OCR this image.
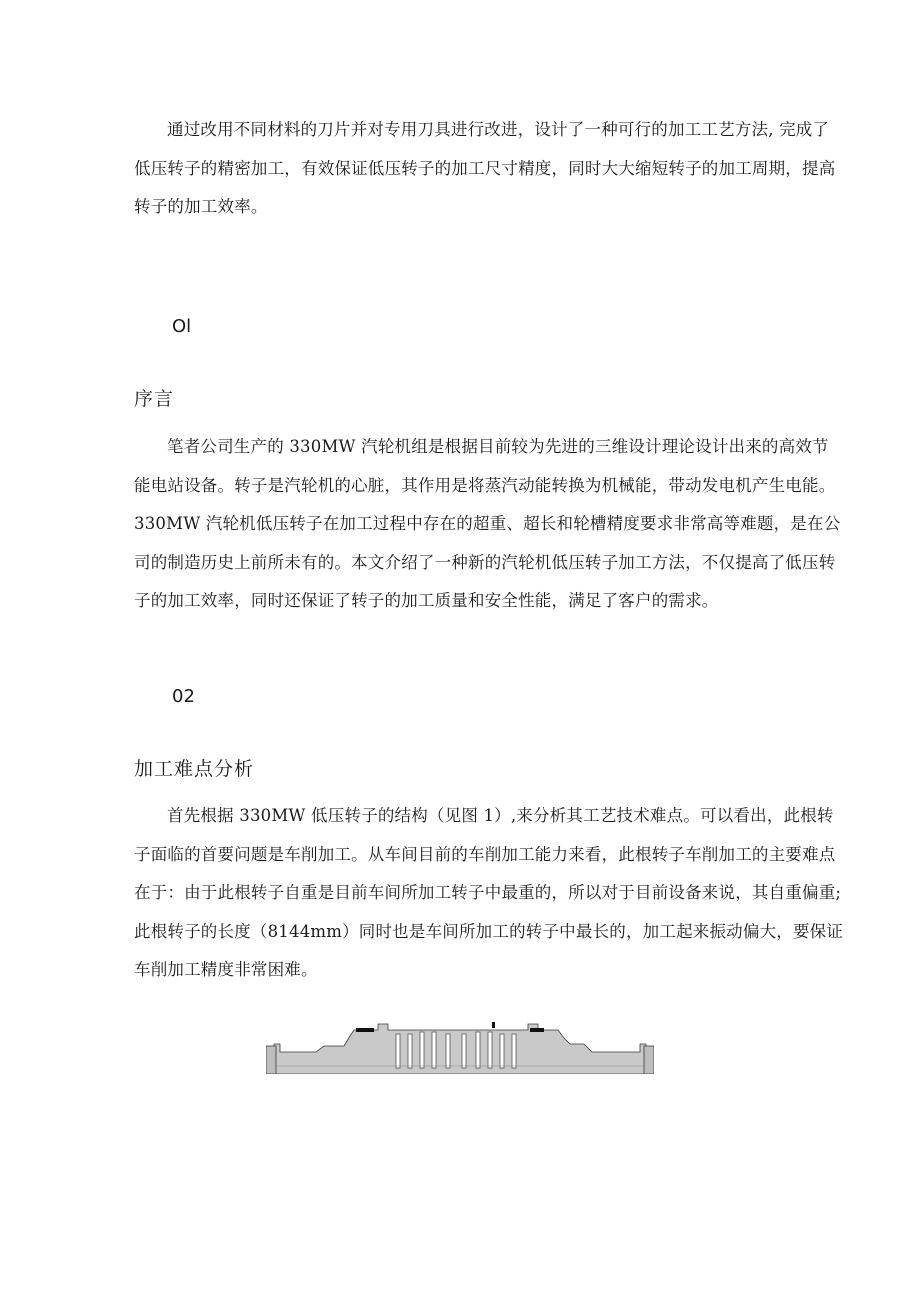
通过改用不同材料的刀片并对专用刀具进行改进，设计了一种可行的加工工艺方法, 完成了
低压转子的精密加工，有效保证低压转子的加工尺寸精度，同时大大缩短转子的加工周期，提高
转子的加工效率。

Ol

序言

笔者公司生产的 330MW 汽轮机组是根据目前较为先进的三维设计理论设计出来的高效节
能电站设备。转子是汽轮机的心脏，其作用是将蒸汽动能转换为机械能，带动发电机产生电能。
330MW 汽轮机低压转子在加工过程中存在的超重、超长和轮槽精度要求非常高等难题，是在公
司的制造历史上前所未有的。本文介绍了一种新的汽轮机低压转子加工方法，不仅提高了低压转
子的加工效率，同时还保证了转子的加工质量和安全性能，满足了客户的需求。

02

加工难点分析

首先根据 330MW 低压转子的结构（见图 1）,来分析其工艺技术难点。可以看出，此根转
子面临的首要问题是车削加工。从车间目前的车削加工能力来看，此根转子车削加工的主要难点
在于：由于此根转子自重是目前车间所加工转子中最重的，所以对于目前设备来说，其自重偏重;
此根转子的长度（8144mm）同时也是车间所加工的转子中最长的，加工起来振动偏大，要保证
车削加工精度非常困难。
